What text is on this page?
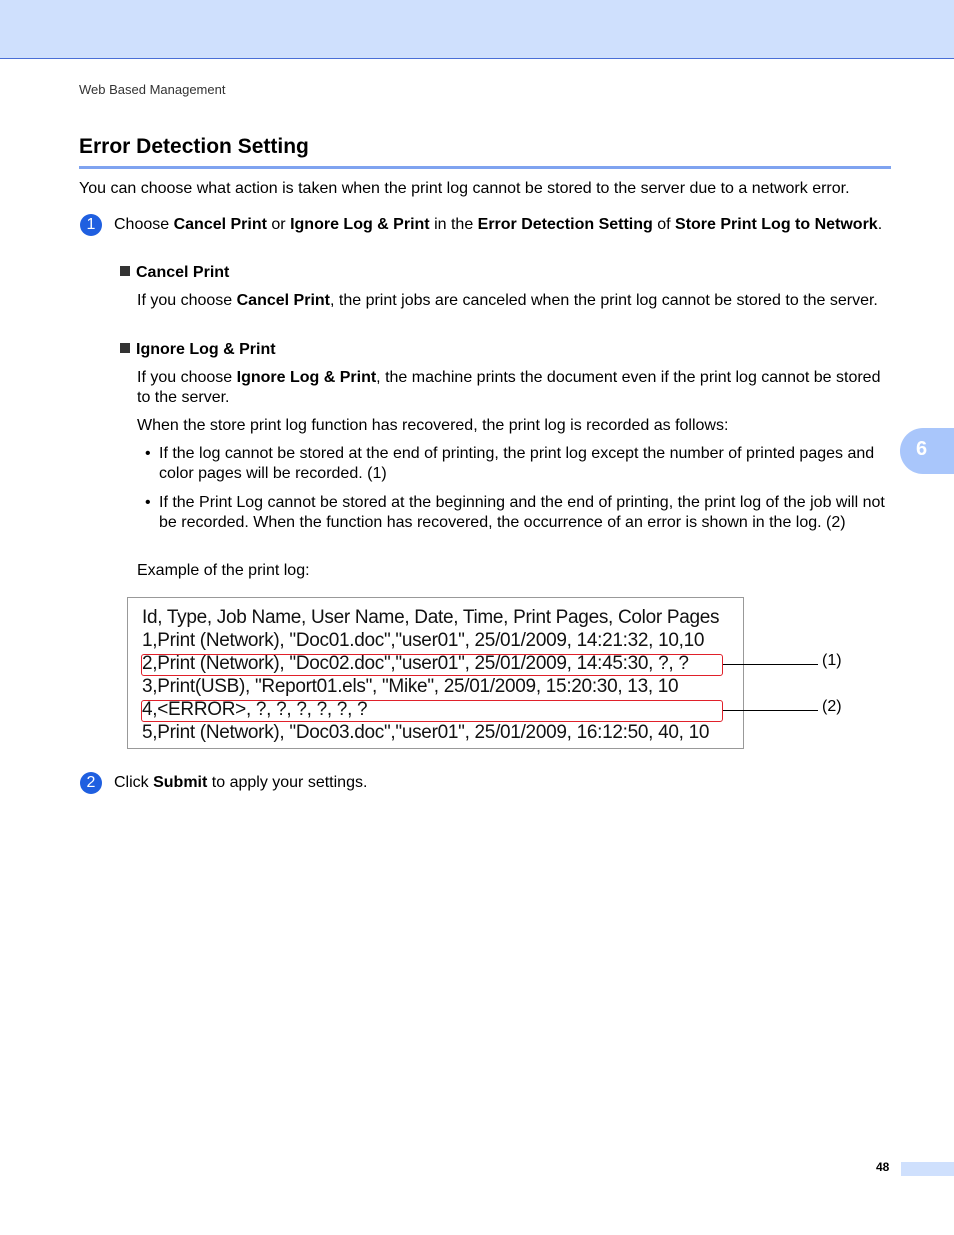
Web Based Management
Error Detection Setting
You can choose what action is taken when the print log cannot be stored to the server due to a network error.
1	Choose Cancel Print or Ignore Log & Print in the Error Detection Setting of Store Print Log to Network.
Cancel Print
If you choose Cancel Print, the print jobs are canceled when the print log cannot be stored to the server.
Ignore Log & Print
If you choose Ignore Log & Print, the machine prints the document even if the print log cannot be stored to the server.
When the store print log function has recovered, the print log is recorded as follows:
• If the log cannot be stored at the end of printing, the print log except the number of printed pages and color pages will be recorded. (1)
• If the Print Log cannot be stored at the beginning and the end of printing, the print log of the job will not be recorded. When the function has recovered, the occurrence of an error is shown in the log. (2)
Example of the print log:
Id, Type, Job Name, User Name, Date, Time, Print Pages, Color Pages
1,Print (Network), "Doc01.doc","user01", 25/01/2009, 14:21:32, 10,10
2,Print (Network), "Doc02.doc","user01", 25/01/2009, 14:45:30, ?, ?
3,Print(USB), "Report01.els", "Mike", 25/01/2009, 15:20:30, 13, 10
4,<ERROR>, ?, ?, ?, ?, ?, ?
5,Print (Network), "Doc03.doc","user01", 25/01/2009, 16:12:50, 40, 10
(1)
(2)
2	Click Submit to apply your settings.
6
48
